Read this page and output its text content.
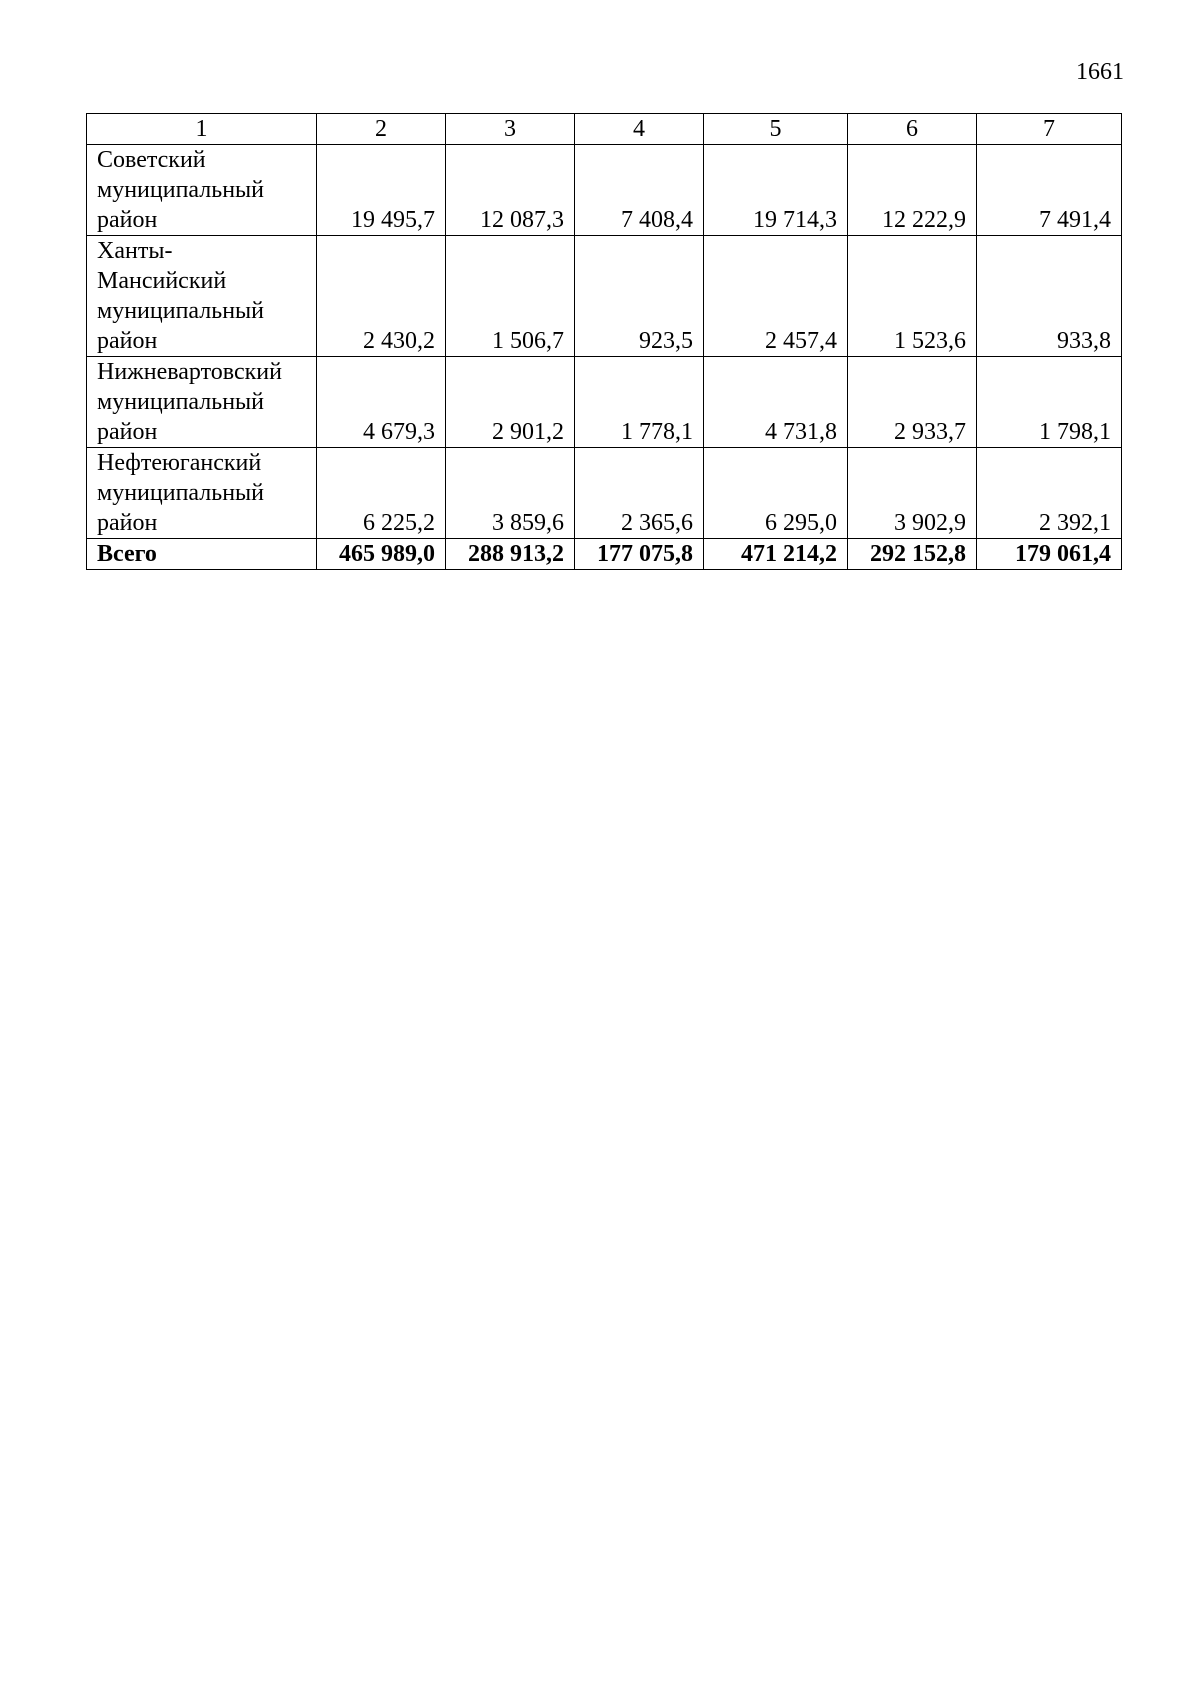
1661
1	2	3	4	5	6	7
Советский
муниципальный
район	19 495,7	12 087,3	7 408,4	19 714,3	12 222,9	7 491,4
Ханты-
Мансийский
муниципальный
район	2 430,2	1 506,7	923,5	2 457,4	1 523,6	933,8
Нижневартовский
муниципальный
район	4 679,3	2 901,2	1 778,1	4 731,8	2 933,7	1 798,1
Нефтеюганский
муниципальный
район	6 225,2	3 859,6	2 365,6	6 295,0	3 902,9	2 392,1
Всего	465 989,0	288 913,2	177 075,8	471 214,2	292 152,8	179 061,4
